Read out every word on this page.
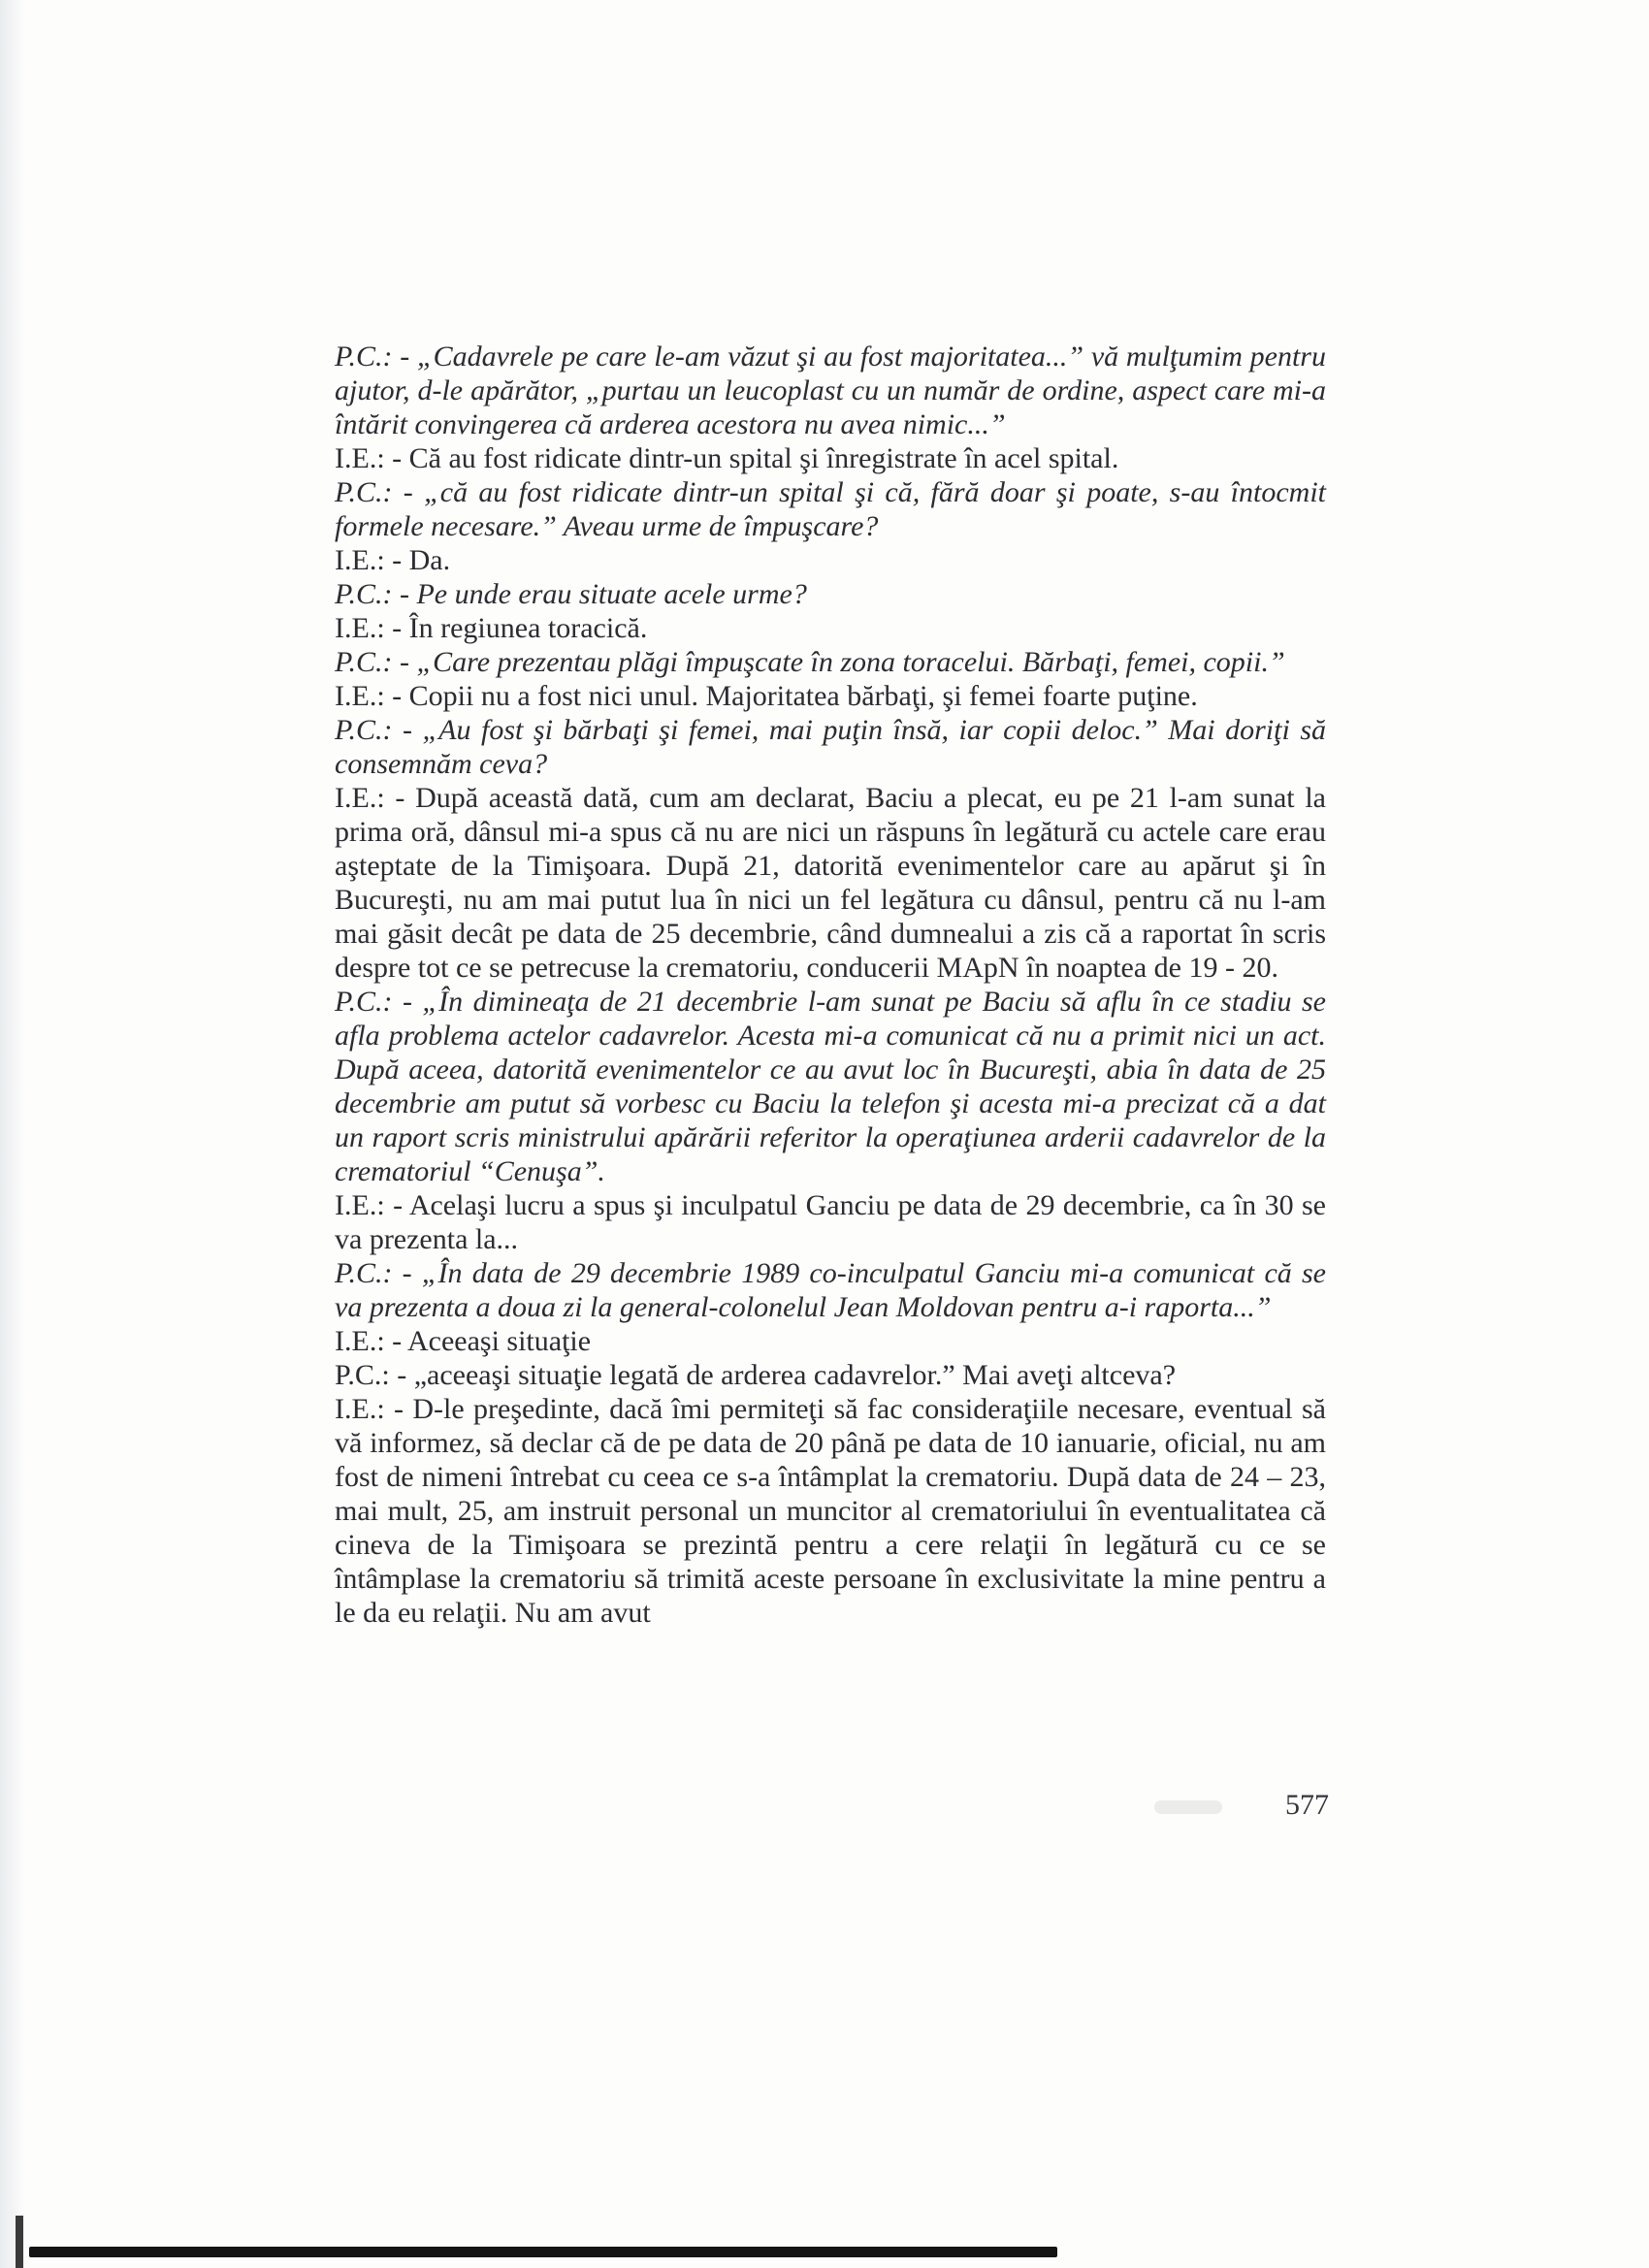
P.C.: - „Cadavrele pe care le-am văzut şi au fost majoritatea...” vă mulţumim pentru ajutor, d-le apărător, „purtau un leucoplast cu un număr de ordine, aspect care mi-a întărit convingerea că arderea acestora nu avea nimic...”

I.E.: - Că au fost ridicate dintr-un spital şi înregistrate în acel spital.

P.C.: - „că au fost ridicate dintr-un spital şi că, fără doar şi poate, s-au întocmit formele necesare.” Aveau urme de împuşcare?

I.E.: - Da.

P.C.: - Pe unde erau situate acele urme?

I.E.: - În regiunea toracică.

P.C.: - „Care prezentau plăgi împuşcate în zona toracelui. Bărbaţi, femei, copii.”

I.E.: - Copii nu a fost nici unul. Majoritatea bărbaţi, şi femei foarte puţine.

P.C.: - „Au fost şi bărbaţi şi femei, mai puţin însă, iar copii deloc.” Mai doriţi să consemnăm ceva?

I.E.: - După această dată, cum am declarat, Baciu a plecat, eu pe 21 l-am sunat la prima oră, dânsul mi-a spus că nu are nici un răspuns în legătură cu actele care erau aşteptate de la Timişoara. După 21, datorită evenimentelor care au apărut şi în Bucureşti, nu am mai putut lua în nici un fel legătura cu dânsul, pentru că nu l-am mai găsit decât pe data de 25 decembrie, când dumnealui a zis că a raportat în scris despre tot ce se petrecuse la crematoriu, conducerii MApN în noaptea de 19 - 20.

P.C.: - „În dimineaţa de 21 decembrie l-am sunat pe Baciu să aflu în ce stadiu se afla problema actelor cadavrelor. Acesta mi-a comunicat că nu a primit nici un act. După aceea, datorită evenimentelor ce au avut loc în Bucureşti, abia în data de 25 decembrie am putut să vorbesc cu Baciu la telefon şi acesta mi-a precizat că a dat un raport scris ministrului apărării referitor la operaţiunea arderii cadavrelor de la crematoriul “Cenuşa”.

I.E.: - Acelaşi lucru a spus şi inculpatul Ganciu pe data de 29 decembrie, ca în 30 se va prezenta la...

P.C.: - „În data de 29 decembrie 1989 co-inculpatul Ganciu mi-a comunicat că se va prezenta a doua zi la general-colonelul Jean Moldovan pentru a-i raporta...”

I.E.: - Aceeaşi situaţie

P.C.: - „aceeaşi situaţie legată de arderea cadavrelor.” Mai aveţi altceva?

I.E.: - D-le preşedinte, dacă îmi permiteţi să fac consideraţiile necesare, eventual să vă informez, să declar că de pe data de 20 până pe data de 10 ianuarie, oficial, nu am fost de nimeni întrebat cu ceea ce s-a întâmplat la crematoriu. După data de 24 – 23, mai mult, 25, am instruit personal un muncitor al crematoriului în eventualitatea că cineva de la Timişoara se prezintă pentru a cere relaţii în legătură cu ce se întâmplase la crematoriu să trimită aceste persoane în exclusivitate la mine pentru a le da eu relaţii. Nu am avut

577
